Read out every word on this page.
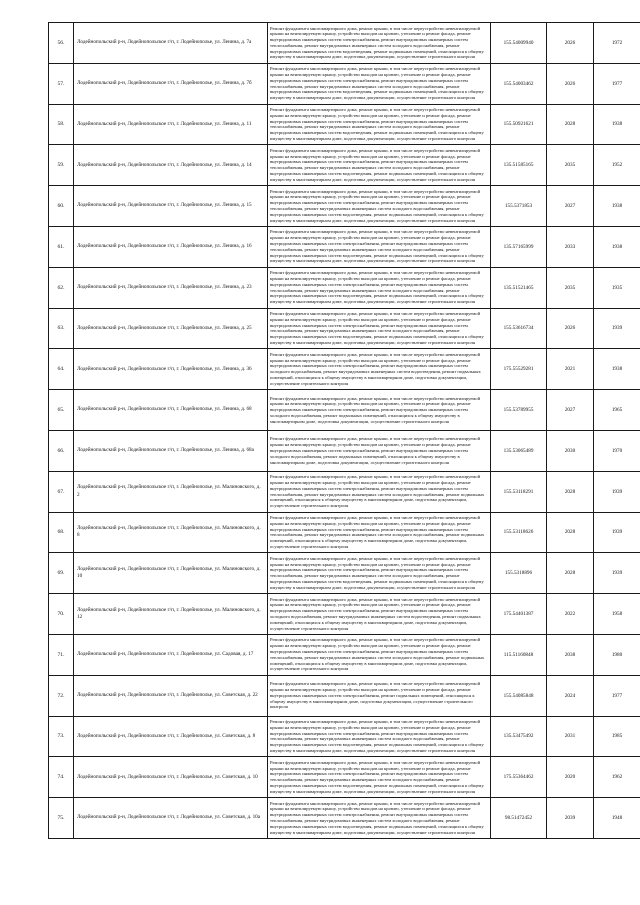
56.	Лодейнопольский р-н, Лодейнопольское г/п, г. Лодейнополье, ул. Ленина, д. 7а	Ремонт фундамента многоквартирного дома, ремонт крыши, в том числе переустройство невентилируемой крыши на вентилируемую крышу, устройство выходов на кровлю, утепление и ремонт фасада, ремонт внутридомовых инженерных систем электроснабжения, ремонт внутридомовых инженерных систем теплоснабжения, ремонт внутридомовых инженерных систем холодного водоснабжения, ремонт внутридомовых инженерных систем водоотведения, ремонт подвальных помещений, относящихся к общему имуществу в многоквартирном доме, подготовка документации, осуществление строительного контроля	155.54009940	2026	1972
57.	Лодейнопольский р-н, Лодейнопольское г/п, г. Лодейнополье, ул. Ленина, д. 7б	Ремонт фундамента многоквартирного дома, ремонт крыши, в том числе переустройство невентилируемой крыши на вентилируемую крышу, устройство выходов на кровлю, утепление и ремонт фасада, ремонт внутридомовых инженерных систем электроснабжения, ремонт внутридомовых инженерных систем теплоснабжения, ремонт внутридомовых инженерных систем холодного водоснабжения, ремонт внутридомовых инженерных систем водоотведения, ремонт подвальных помещений, относящихся к общему имуществу в многоквартирном доме, подготовка документации, осуществление строительного контроля	155.54003462	2026	1977
58.	Лодейнопольский р-н, Лодейнопольское г/п, г. Лодейнополье, ул. Ленина, д. 11	Ремонт фундамента многоквартирного дома, ремонт крыши, в том числе переустройство невентилируемой крыши на вентилируемую крышу, устройство выходов на кровлю, утепление и ремонт фасада, ремонт внутридомовых инженерных систем электроснабжения, ремонт внутридомовых инженерных систем теплоснабжения, ремонт внутридомовых инженерных систем холодного водоснабжения, ремонт внутридомовых инженерных систем водоотведения, ремонт подвальных помещений, относящихся к общему имуществу в многоквартирном доме, подготовка документации, осуществление строительного контроля	155.50921621	2028	1938
59.	Лодейнопольский р-н, Лодейнопольское г/п, г. Лодейнополье, ул. Ленина, д. 14	Ремонт фундамента многоквартирного дома, ремонт крыши, в том числе переустройство невентилируемой крыши на вентилируемую крышу, устройство выходов на кровлю, утепление и ремонт фасада, ремонт внутридомовых инженерных систем электроснабжения, ремонт внутридомовых инженерных систем теплоснабжения, ремонт внутридомовых инженерных систем холодного водоснабжения, ремонт внутридомовых инженерных систем водоотведения, ремонт подвальных помещений, относящихся к общему имуществу в многоквартирном доме, подготовка документации, осуществление строительного контроля	135.51585165	2035	1952
60.	Лодейнопольский р-н, Лодейнопольское г/п, г. Лодейнополье, ул. Ленина, д. 15	Ремонт фундамента многоквартирного дома, ремонт крыши, в том числе переустройство невентилируемой крыши на вентилируемую крышу, устройство выходов на кровлю, утепление и ремонт фасада, ремонт внутридомовых инженерных систем электроснабжения, ремонт внутридомовых инженерных систем теплоснабжения, ремонт внутридомовых инженерных систем холодного водоснабжения, ремонт внутридомовых инженерных систем водоотведения, ремонт подвальных помещений, относящихся к общему имуществу в многоквартирном доме, подготовка документации, осуществление строительного контроля	155.5371853	2027	1938
61.	Лодейнопольский р-н, Лодейнопольское г/п, г. Лодейнополье, ул. Ленина, д. 16	Ремонт фундамента многоквартирного дома, ремонт крыши, в том числе переустройство невентилируемой крыши на вентилируемую крышу, устройство выходов на кровлю, утепление и ремонт фасада, ремонт внутридомовых инженерных систем электроснабжения, ремонт внутридомовых инженерных систем теплоснабжения, ремонт внутридомовых инженерных систем холодного водоснабжения, ремонт внутридомовых инженерных систем водоотведения, ремонт подвальных помещений, относящихся к общему имуществу в многоквартирном доме, подготовка документации, осуществление строительного контроля	135.57165999	2033	1938
62.	Лодейнопольский р-н, Лодейнопольское г/п, г. Лодейнополье, ул. Ленина, д. 23	Ремонт фундамента многоквартирного дома, ремонт крыши, в том числе переустройство невентилируемой крыши на вентилируемую крышу, устройство выходов на кровлю, утепление и ремонт фасада, ремонт внутридомовых инженерных систем электроснабжения, ремонт внутридомовых инженерных систем теплоснабжения, ремонт внутридомовых инженерных систем холодного водоснабжения, ремонт внутридомовых инженерных систем водоотведения, ремонт подвальных помещений, относящихся к общему имуществу в многоквартирном доме, подготовка документации, осуществление строительного контроля	135.51521465	2035	1935
63.	Лодейнопольский р-н, Лодейнопольское г/п, г. Лодейнополье, ул. Ленина, д. 25	Ремонт фундамента многоквартирного дома, ремонт крыши, в том числе переустройство невентилируемой крыши на вентилируемую крышу, устройство выходов на кровлю, утепление и ремонт фасада, ремонт внутридомовых инженерных систем электроснабжения, ремонт внутридомовых инженерных систем теплоснабжения, ремонт внутридомовых инженерных систем холодного водоснабжения, ремонт внутридомовых инженерных систем водоотведения, ремонт подвальных помещений, относящихся к общему имуществу в многоквартирном доме, подготовка документации, осуществление строительного контроля	155.53616734	2026	1939
64.	Лодейнопольский р-н, Лодейнопольское г/п, г. Лодейнополье, ул. Ленина, д. 36	Ремонт фундамента многоквартирного дома, ремонт крыши, в том числе переустройство невентилируемой крыши на вентилируемую крышу, устройство выходов на кровлю, утепление и ремонт фасада, ремонт внутридомовых инженерных систем электроснабжения, ремонт внутридомовых инженерных систем холодного водоснабжения, ремонт внутридомовых инженерных систем водоотведения, ремонт подвальных помещений, относящихся к общему имуществу в многоквартирном доме, подготовка документации, осуществление строительного контроля	175.55529281	2021	1938
65.	Лодейнопольский р-н, Лодейнопольское г/п, г. Лодейнополье, ул. Ленина, д. 68	Ремонт фундамента многоквартирного дома, ремонт крыши, в том числе переустройство невентилируемой крыши на вентилируемую крышу, устройство выходов на кровлю, утепление и ремонт фасада, ремонт внутридомовых инженерных систем электроснабжения, ремонт внутридомовых инженерных систем холодного водоснабжения, ремонт подвальных помещений, относящихся к общему имуществу в многоквартирном доме, подготовка документации, осуществление строительного контроля	155.53789955	2027	1965
66.	Лодейнопольский р-н, Лодейнопольское г/п, г. Лодейнополье, ул. Ленина, д. 68а	Ремонт фундамента многоквартирного дома, ремонт крыши, в том числе переустройство невентилируемой крыши на вентилируемую крышу, устройство выходов на кровлю, утепление и ремонт фасада, ремонт внутридомовых инженерных систем электроснабжения, ремонт внутридомовых инженерных систем холодного водоснабжения, ремонт подвальных помещений, относящихся к общему имуществу в многоквартирном доме, подготовка документации, осуществление строительного контроля	135.53065489	2030	1970
67.	Лодейнопольский р-н, Лодейнопольское г/п, г. Лодейнополье, ул. Малиновского, д. 2	Ремонт фундамента многоквартирного дома, ремонт крыши, в том числе переустройство невентилируемой крыши на вентилируемую крышу, устройство выходов на кровлю, утепление и ремонт фасада, ремонт внутридомовых инженерных систем электроснабжения, ремонт внутридомовых инженерных систем теплоснабжения, ремонт внутридомовых инженерных систем холодного водоснабжения, ремонт подвальных помещений, относящихся к общему имуществу в многоквартирном доме, подготовка документации, осуществление строительного контроля	155.53118291	2028	1939
68.	Лодейнопольский р-н, Лодейнопольское г/п, г. Лодейнополье, ул. Малиновского, д. 8	Ремонт фундамента многоквартирного дома, ремонт крыши, в том числе переустройство невентилируемой крыши на вентилируемую крышу, устройство выходов на кровлю, утепление и ремонт фасада, ремонт внутридомовых инженерных систем электроснабжения, ремонт внутридомовых инженерных систем теплоснабжения, ремонт внутридомовых инженерных систем холодного водоснабжения, ремонт подвальных помещений, относящихся к общему имуществу в многоквартирном доме, подготовка документации, осуществление строительного контроля	155.53118626	2028	1939
69.	Лодейнопольский р-н, Лодейнопольское г/п, г. Лодейнополье, ул. Малиновского, д. 10	Ремонт фундамента многоквартирного дома, ремонт крыши, в том числе переустройство невентилируемой крыши на вентилируемую крышу, устройство выходов на кровлю, утепление и ремонт фасада, ремонт внутридомовых инженерных систем электроснабжения, ремонт внутридомовых инженерных систем теплоснабжения, ремонт внутридомовых инженерных систем холодного водоснабжения, ремонт внутридомовых инженерных систем водоотведения, ремонт подвальных помещений, относящихся к общему имуществу в многоквартирном доме, подготовка документации, осуществление строительного контроля	155.5318896	2028	1939
70.	Лодейнопольский р-н, Лодейнопольское г/п, г. Лодейнополье, ул. Малиновского, д. 12	Ремонт фундамента многоквартирного дома, ремонт крыши, в том числе переустройство невентилируемой крыши на вентилируемую крышу, устройство выходов на кровлю, утепление и ремонт фасада, ремонт внутридомовых инженерных систем электроснабжения, ремонт внутридомовых инженерных систем холодного водоснабжения, ремонт внутридомовых инженерных систем водоотведения, ремонт подвальных помещений, относящихся к общему имуществу в многоквартирном доме, подготовка документации, осуществление строительного контроля	175.54401387	2022	1958
71.	Лодейнопольский р-н, Лодейнопольское г/п, г. Лодейнополье, ул. Садовая, д. 17	Ремонт фундамента многоквартирного дома, ремонт крыши, в том числе переустройство невентилируемой крыши на вентилируемую крышу, устройство выходов на кровлю, утепление и ремонт фасада, ремонт внутридомовых инженерных систем электроснабжения, ремонт внутридомовых инженерных систем теплоснабжения, ремонт внутридомовых инженерных систем холодного водоснабжения, ремонт подвальных помещений, относящихся к общему имуществу в многоквартирном доме, подготовка документации, осуществление строительного контроля	115.51160848	2038	1980
72.	Лодейнопольский р-н, Лодейнопольское г/п, г. Лодейнополье, ул. Советская, д. 22	Ремонт фундамента многоквартирного дома, ремонт крыши, в том числе переустройство невентилируемой крыши на вентилируемую крышу, устройство выходов на кровлю, утепление и ремонт фасада, ремонт внутридомовых инженерных систем электроснабжения, ремонт подвальных помещений, относящихся к общему имуществу в многоквартирном доме, подготовка документации, осуществление строительного контроля	155.54085848	2024	1977
73.	Лодейнопольский р-н, Лодейнопольское г/п, г. Лодейнополье, ул. Советская, д. 8	Ремонт фундамента многоквартирного дома, ремонт крыши, в том числе переустройство невентилируемой крыши на вентилируемую крышу, устройство выходов на кровлю, утепление и ремонт фасада, ремонт внутридомовых инженерных систем электроснабжения, ремонт внутридомовых инженерных систем теплоснабжения, ремонт внутридомовых инженерных систем холодного водоснабжения, ремонт внутридомовых инженерных систем водоотведения, ремонт подвальных помещений, относящихся к общему имуществу в многоквартирном доме, подготовка документации, осуществление строительного контроля	135.53475492	2031	1985
74.	Лодейнопольский р-н, Лодейнопольское г/п, г. Лодейнополье, ул. Советская, д. 10	Ремонт фундамента многоквартирного дома, ремонт крыши, в том числе переустройство невентилируемой крыши на вентилируемую крышу, устройство выходов на кровлю, утепление и ремонт фасада, ремонт внутридомовых инженерных систем электроснабжения, ремонт внутридомовых инженерных систем теплоснабжения, ремонт внутридомовых инженерных систем холодного водоснабжения, ремонт внутридомовых инженерных систем водоотведения, ремонт подвальных помещений, относящихся к общему имуществу в многоквартирном доме, подготовка документации, осуществление строительного контроля	175.55364462	2020	1962
75.	Лодейнопольский р-н, Лодейнопольское г/п, г. Лодейнополье, ул. Советская, д. 10а	Ремонт фундамента многоквартирного дома, ремонт крыши, в том числе переустройство невентилируемой крыши на вентилируемую крышу, устройство выходов на кровлю, утепление и ремонт фасада, ремонт внутридомовых инженерных систем электроснабжения, ремонт внутридомовых инженерных систем теплоснабжения, ремонт внутридомовых инженерных систем холодного водоснабжения, ремонт внутридомовых инженерных систем водоотведения, ремонт подвальных помещений, относящихся к общему имуществу в многоквартирном доме, подготовка документации, осуществление строительного контроля	98.51472452	2039	1948
